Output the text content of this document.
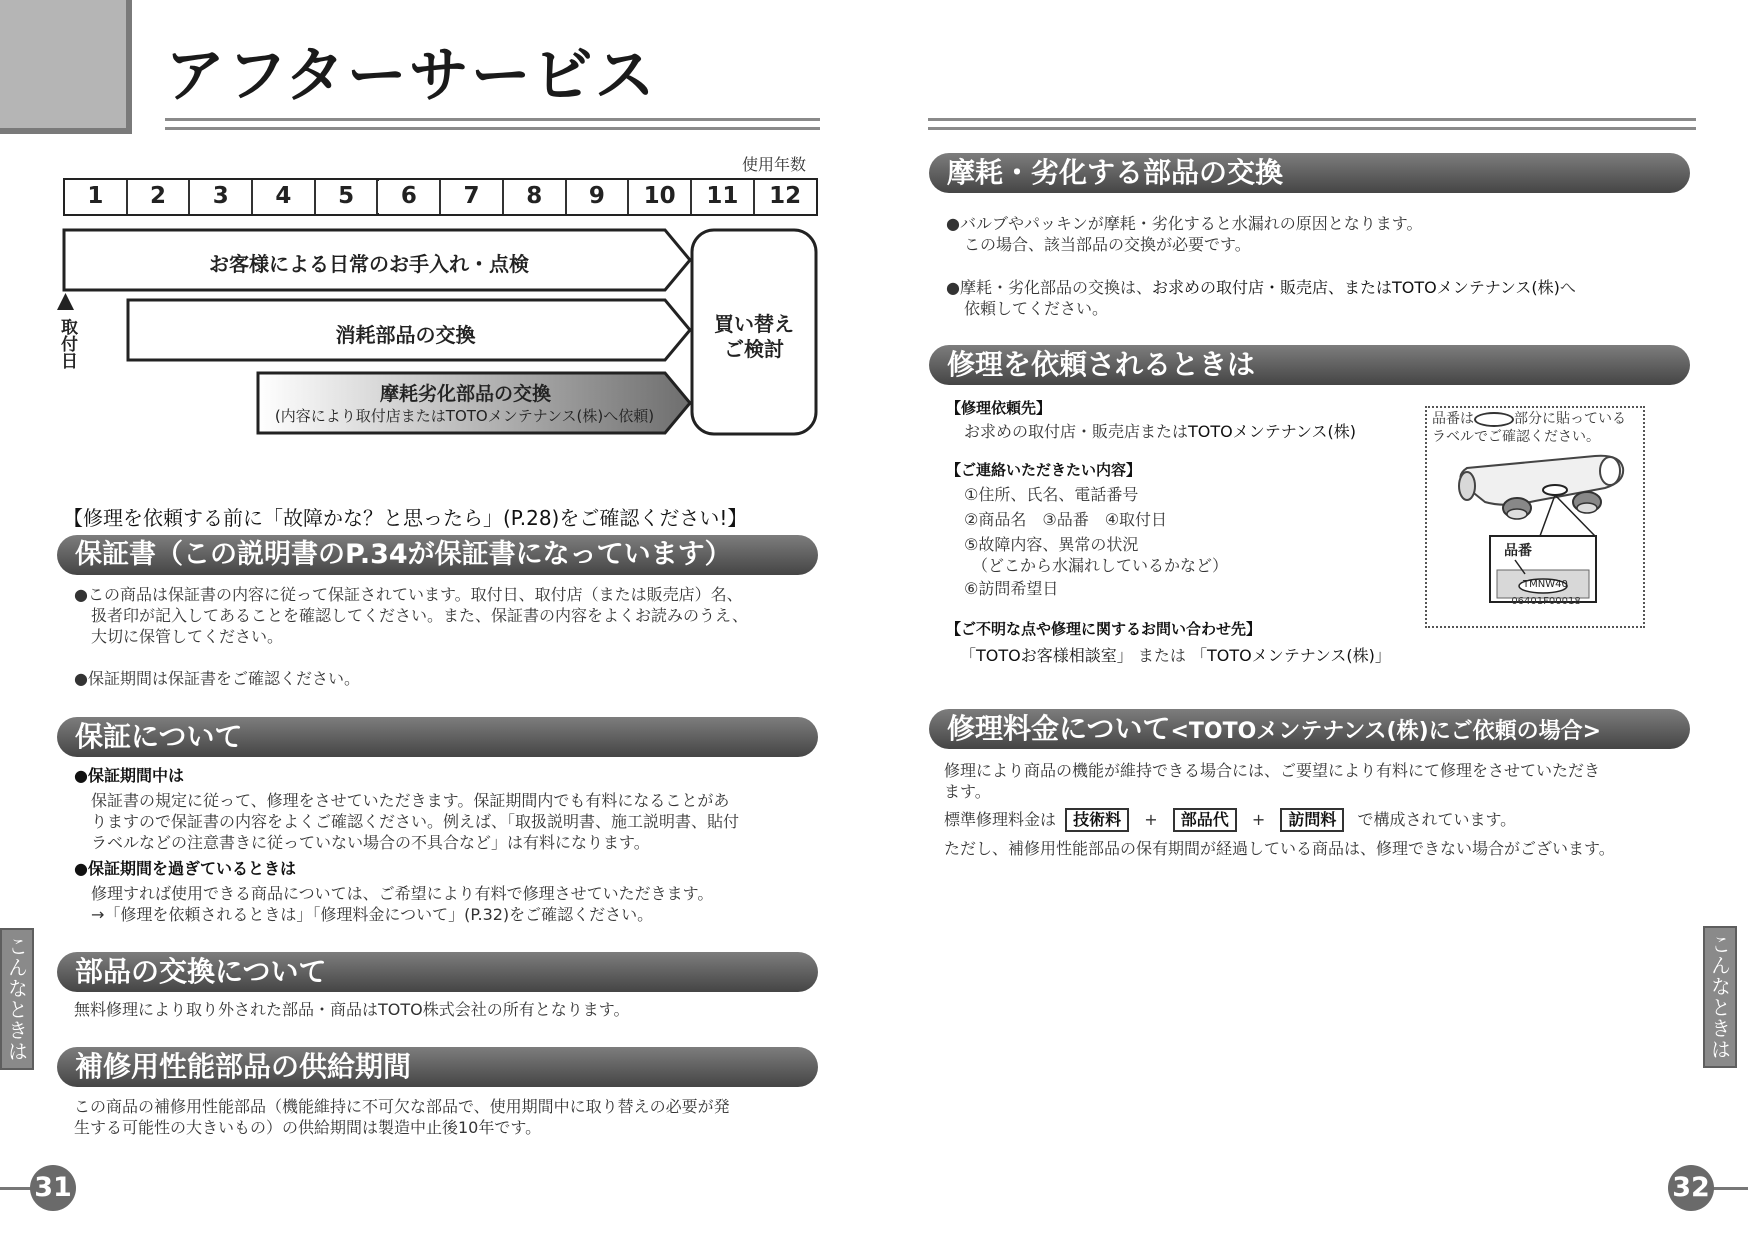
アフターサービス
使用年数
1	2	3	4	5	6	7	8	9	10	11	12
お客様による日常のお手入れ・点検
消耗部品の交換
摩耗劣化部品の交換
(内容により取付店またはTOTOメンテナンス(株)へ依頼)
買い替え
ご検討
取付日
【修理を依頼する前に「故障かな？と思ったら」(P.28)をご確認ください!】
保証書（この説明書のP.34が保証書になっています）
●この商品は保証書の内容に従って保証されています。取付日、取付店（または販売店）名、
扱者印が記入してあることを確認してください。また、保証書の内容をよくお読みのうえ、
大切に保管してください。
●保証期間は保証書をご確認ください。
保証について
●保証期間中は
保証書の規定に従って、修理をさせていただきます。保証期間内でも有料になることがあ
りますので保証書の内容をよくご確認ください。例えば、「取扱説明書、施工説明書、貼付
ラベルなどの注意書きに従っていない場合の不具合など」は有料になります。
●保証期間を過ぎているときは
修理すれば使用できる商品については、ご希望により有料で修理させていただきます。
→「修理を依頼されるときは」「修理料金について」(P.32)をご確認ください。
部品の交換について
無料修理により取り外された部品・商品はTOTO株式会社の所有となります。
補修用性能部品の供給期間
この商品の補修用性能部品（機能維持に不可欠な部品で、使用期間中に取り替えの必要が発
生する可能性の大きいもの）の供給期間は製造中止後10年です。
こんなときは
31
摩耗・劣化する部品の交換
●バルブやパッキンが摩耗・劣化すると水漏れの原因となります。
この場合、該当部品の交換が必要です。
●摩耗・劣化部品の交換は、お求めの取付店・販売店、またはTOTOメンテナンス(株)へ
依頼してください。
修理を依頼されるときは
【修理依頼先】
お求めの取付店・販売店またはTOTOメンテナンス(株)
【ご連絡いただきたい内容】
①住所、氏名、電話番号
②商品名　③品番　④取付日
⑤故障内容、異常の状況
（どこから水漏れしているかなど）
⑥訪問希望日
【ご不明な点や修理に関するお問い合わせ先】
「TOTOお客様相談室」 または 「TOTOメンテナンス(株)」
品番は	部分に貼っている
ラベルでご確認ください。
品番
TMNW40
06401F00018
修理料金について<TOTOメンテナンス(株)にご依頼の場合>
修理により商品の機能が維持できる場合には、ご要望により有料にて修理をさせていただき
ます。
標準修理料金は 技術料 + 部品代 + 訪問料 で構成されています。
ただし、補修用性能部品の保有期間が経過している商品は、修理できない場合がございます。
こんなときは
32
